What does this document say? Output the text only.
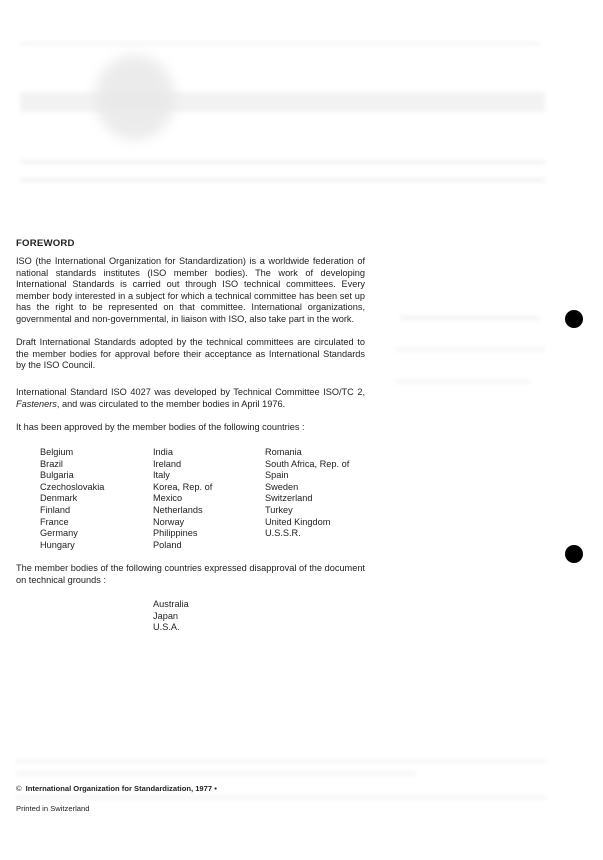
FOREWORD

ISO (the International Organization for Standardization) is a worldwide federation of national standards institutes (ISO member bodies). The work of developing International Standards is carried out through ISO technical committees. Every member body interested in a subject for which a technical committee has been set up has the right to be represented on that committee. International organizations, governmental and non-governmental, in liaison with ISO, also take part in the work.

Draft International Standards adopted by the technical committees are circulated to the member bodies for approval before their acceptance as International Standards by the ISO Council.

International Standard ISO 4027 was developed by Technical Committee ISO/TC 2, Fasteners, and was circulated to the member bodies in April 1976.

It has been approved by the member bodies of the following countries :

Belgium
Brazil
Bulgaria
Czechoslovakia
Denmark
Finland
France
Germany
Hungary
India
Ireland
Italy
Korea, Rep. of
Mexico
Netherlands
Norway
Philippines
Poland
Romania
South Africa, Rep. of
Spain
Sweden
Switzerland
Turkey
United Kingdom
U.S.S.R.

The member bodies of the following countries expressed disapproval of the document on technical grounds :

Australia
Japan
U.S.A.
© International Organization for Standardization, 1977 •
Printed in Switzerland
